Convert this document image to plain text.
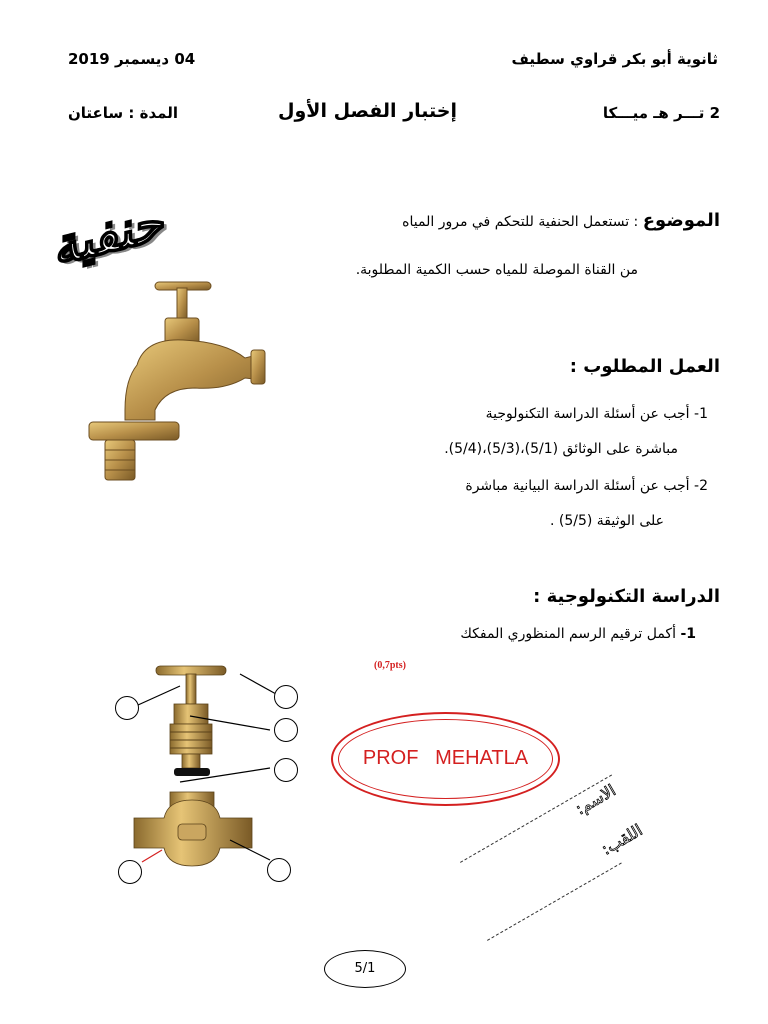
ثانوية أبو بكر قراوي سطيف
04 ديسمبر 2019
2 تـــر هـ ميـــكا
إختبار الفصل الأول
المدة : ساعتان
حنفية	الموضوع : تستعمل الحنفية للتحكم في مرور المياه
من القناة الموصلة للمياه حسب الكمية المطلوبة.
العمل المطلوب :
1- أجب عن أسئلة الدراسة التكنولوجية
مباشرة على الوثائق (5/1)،(5/3)،(5/4).
2- أجب عن أسئلة الدراسة البيانية مباشرة
على الوثيقة (5/5) .
الدراسة التكنولوجية :
1- أكمل ترقيم الرسم المنظوري المفكك
(0,7pts)
PROF   MEHATLA
الاسم:
اللقب:
5/1
